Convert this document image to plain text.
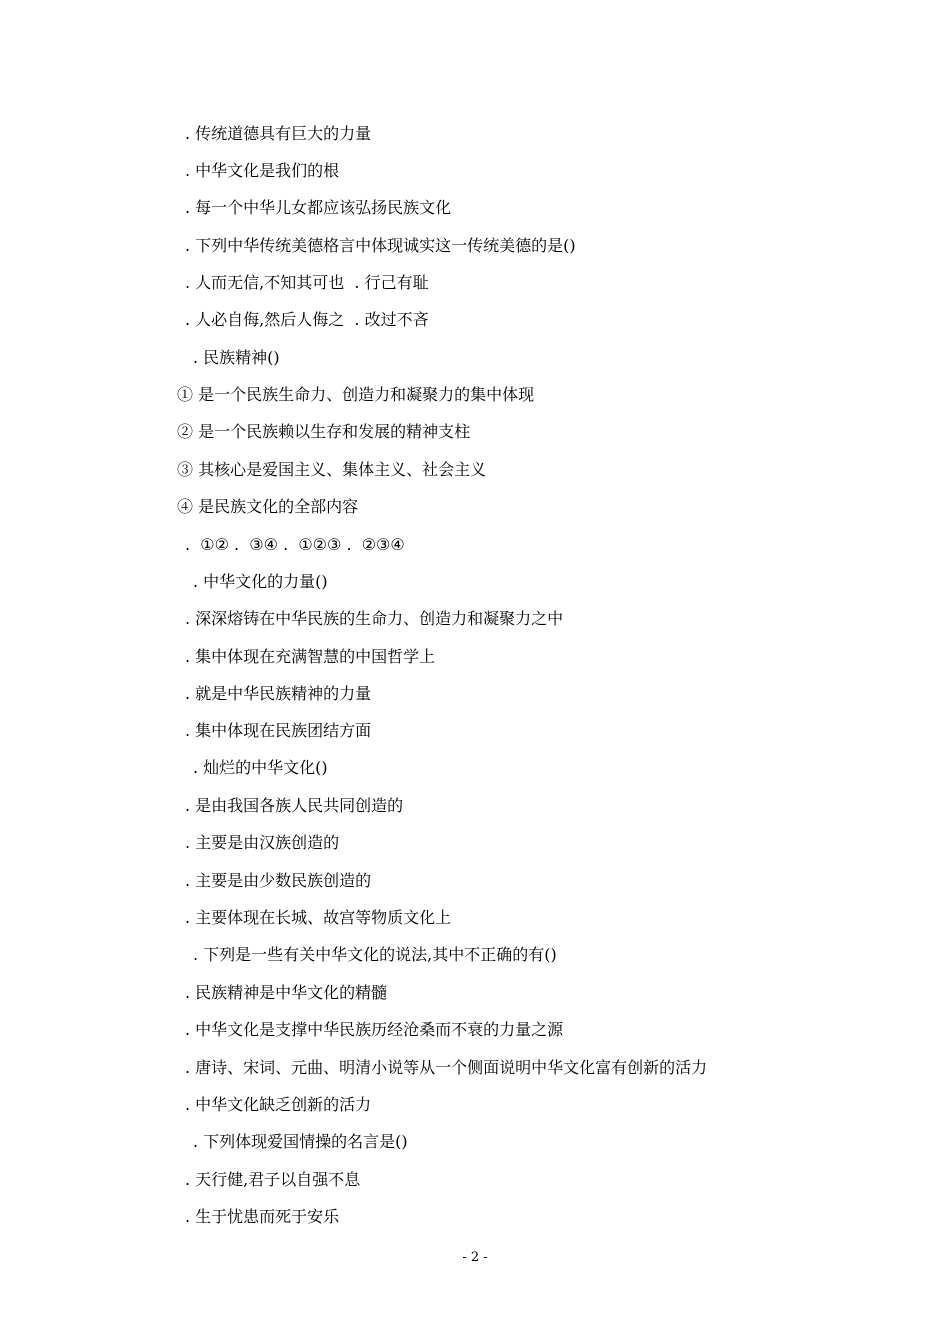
. 传统道德具有巨大的力量
. 中华文化是我们的根
. 每一个中华儿女都应该弘扬民族文化
. 下列中华传统美德格言中体现诚实这一传统美德的是()
. 人而无信,不知其可也  . 行己有耻
. 人必自侮,然后人侮之  . 改过不吝
. 民族精神()
① 是一个民族生命力、创造力和凝聚力的集中体现
② 是一个民族赖以生存和发展的精神支柱
③ 其核心是爱国主义、集体主义、社会主义
④ 是民族文化的全部内容
.  ①② .  ③④ .  ①②③ .  ②③④
. 中华文化的力量()
. 深深熔铸在中华民族的生命力、创造力和凝聚力之中
. 集中体现在充满智慧的中国哲学上
. 就是中华民族精神的力量
. 集中体现在民族团结方面
. 灿烂的中华文化()
. 是由我国各族人民共同创造的
. 主要是由汉族创造的
. 主要是由少数民族创造的
. 主要体现在长城、故宫等物质文化上
. 下列是一些有关中华文化的说法,其中不正确的有()
. 民族精神是中华文化的精髓
. 中华文化是支撑中华民族历经沧桑而不衰的力量之源
. 唐诗、宋词、元曲、明清小说等从一个侧面说明中华文化富有创新的活力
. 中华文化缺乏创新的活力
. 下列体现爱国情操的名言是()
. 天行健,君子以自强不息
. 生于忧患而死于安乐
- 2 -
